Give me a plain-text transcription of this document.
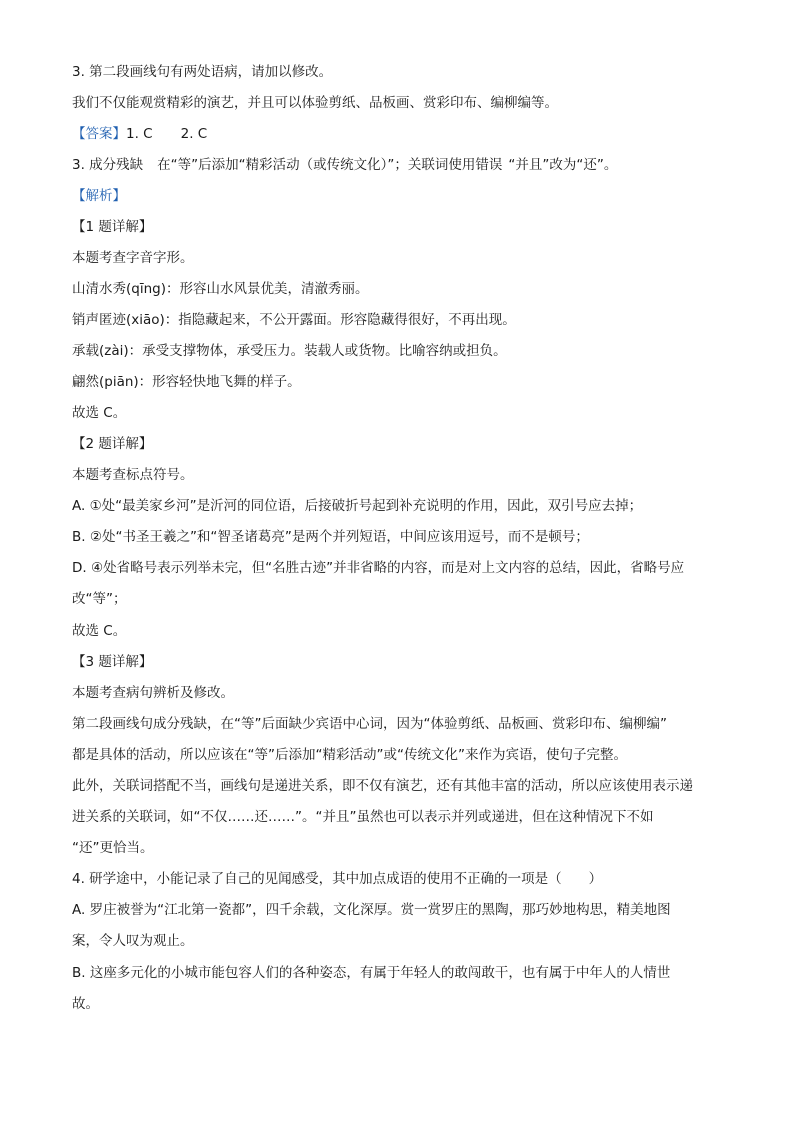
3. 第二段画线句有两处语病，请加以修改。

我们不仅能观赏精彩的演艺，并且可以体验剪纸、品板画、赏彩印布、编柳编等。

【答案】1. C 2. C

3. 成分残缺 在“等”后添加“精彩活动（或传统文化）”；关联词使用错误 “并且”改为“还”。

【解析】

【1 题详解】

本题考查字音字形。

山清水秀(qīng)：形容山水风景优美，清澈秀丽。

销声匿迹(xiāo)：指隐藏起来，不公开露面。形容隐藏得很好，不再出现。

承载(zài)：承受支撑物体，承受压力。装载人或货物。比喻容纳或担负。

翩然(piān)：形容轻快地飞舞的样子。

故选 C。

【2 题详解】

本题考查标点符号。

A. ①处“最美家乡河”是沂河的同位语，后接破折号起到补充说明的作用，因此，双引号应去掉；

B. ②处“书圣王羲之”和“智圣诸葛亮”是两个并列短语，中间应该用逗号，而不是顿号；

D. ④处省略号表示列举未完，但“名胜古迹”并非省略的内容，而是对上文内容的总结，因此，省略号应

改“等”；

故选 C。

【3 题详解】

本题考查病句辨析及修改。

第二段画线句成分残缺，在“等”后面缺少宾语中心词，因为“体验剪纸、品板画、赏彩印布、编柳编”

都是具体的活动，所以应该在“等”后添加“精彩活动”或“传统文化”来作为宾语，使句子完整。

此外，关联词搭配不当，画线句是递进关系，即不仅有演艺，还有其他丰富的活动，所以应该使用表示递

进关系的关联词，如“不仅……还……”。“并且”虽然也可以表示并列或递进，但在这种情况下不如

“还”更恰当。

4. 研学途中，小能记录了自己的见闻感受，其中加点成语的使用不正确的一项是（　　）

A. 罗庄被誉为“江北第一瓷都”，四千余载，文化深厚。赏一赏罗庄的黑陶，那巧妙地构思，精美地图

案，令人叹为观止。

B. 这座多元化的小城市能包容人们的各种姿态，有属于年轻人的敢闯敢干，也有属于中年人的人情世

故。
